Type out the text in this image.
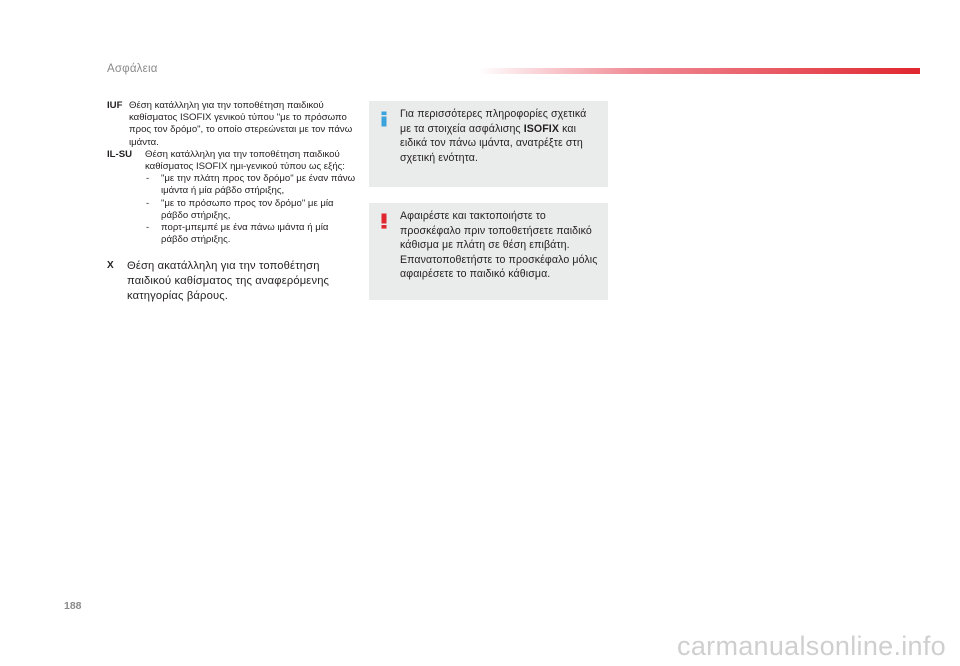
Ασφάλεια
IUF Θέση κατάλληλη για την τοποθέτηση παιδικού καθίσματος ISOFIX γενικού τύπου "με το πρόσωπο προς τον δρόμο", το οποίο στερεώνεται με τον πάνω ιμάντα.
IL-SU	Θέση κατάλληλη για την τοποθέτηση παιδικού καθίσματος ISOFIX ημι-γενικού τύπου ως εξής:
-	"με την πλάτη προς τον δρόμο" με έναν πάνω ιμάντα ή μία ράβδο στήριξης,
-	"με το πρόσωπο προς τον δρόμο" με μία ράβδο στήριξης,
-	πορτ-μπεμπέ με ένα πάνω ιμάντα ή μία ράβδο στήριξης.
X	Θέση ακατάλληλη για την τοποθέτηση παιδικού καθίσματος της αναφερόμενης κατηγορίας βάρους.
Για περισσότερες πληροφορίες σχετικά με τα στοιχεία ασφάλισης ISOFIX και ειδικά τον πάνω ιμάντα, ανατρέξτε στη σχετική ενότητα.
Αφαιρέστε και τακτοποιήστε το προσκέφαλο πριν τοποθετήσετε παιδικό κάθισμα με πλάτη σε θέση επιβάτη.
Επανατοποθετήστε το προσκέφαλο μόλις αφαιρέσετε το παιδικό κάθισμα.
188
carmanualsonline.info
